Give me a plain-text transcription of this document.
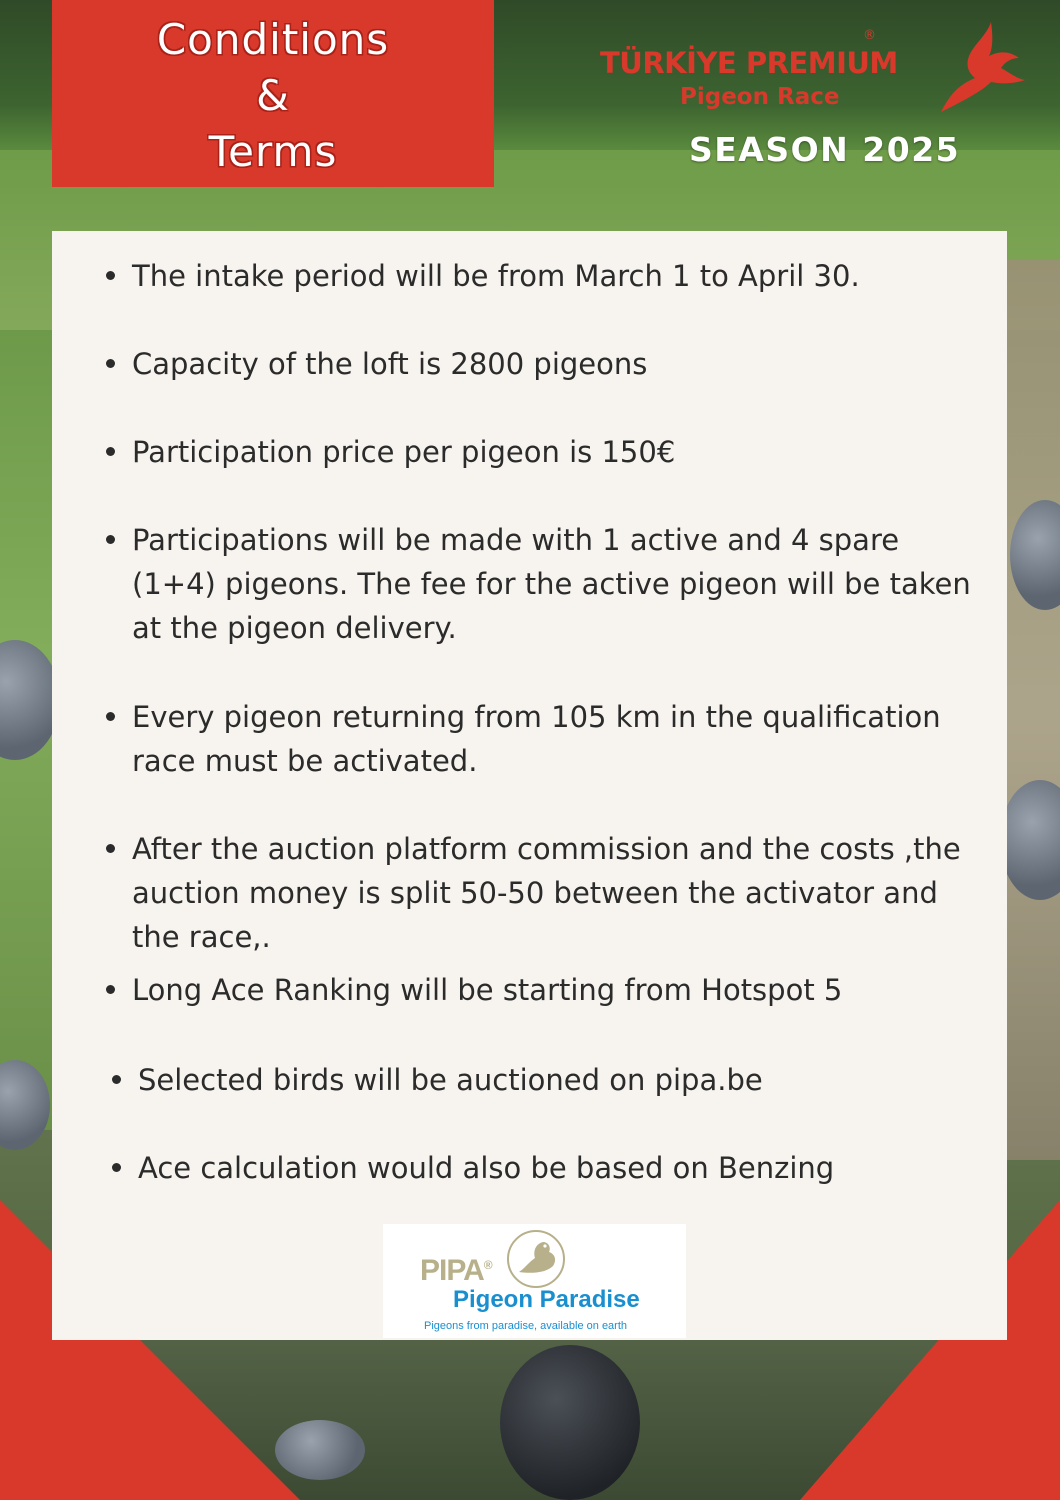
Conditions
&
Terms
®
TÜRKİYE PREMIUM
Pigeon Race
SEASON 2025
The intake period will be from March 1 to April 30.
Capacity of the loft is 2800 pigeons
Participation price per pigeon is 150€
Participations will be made with 1 active and 4 spare (1+4) pigeons. The fee for the active pigeon will be taken at the pigeon delivery.
Every pigeon returning from 105 km in the qualification race must be activated.
After the auction platform commission and the costs ,the auction money is split 50-50 between the activator and the race,.
Long Ace Ranking will be starting from Hotspot 5
Selected birds will be auctioned on pipa.be
Ace calculation would also be based on Benzing
PIPA®
Pigeon Paradise
Pigeons from paradise, available on earth
